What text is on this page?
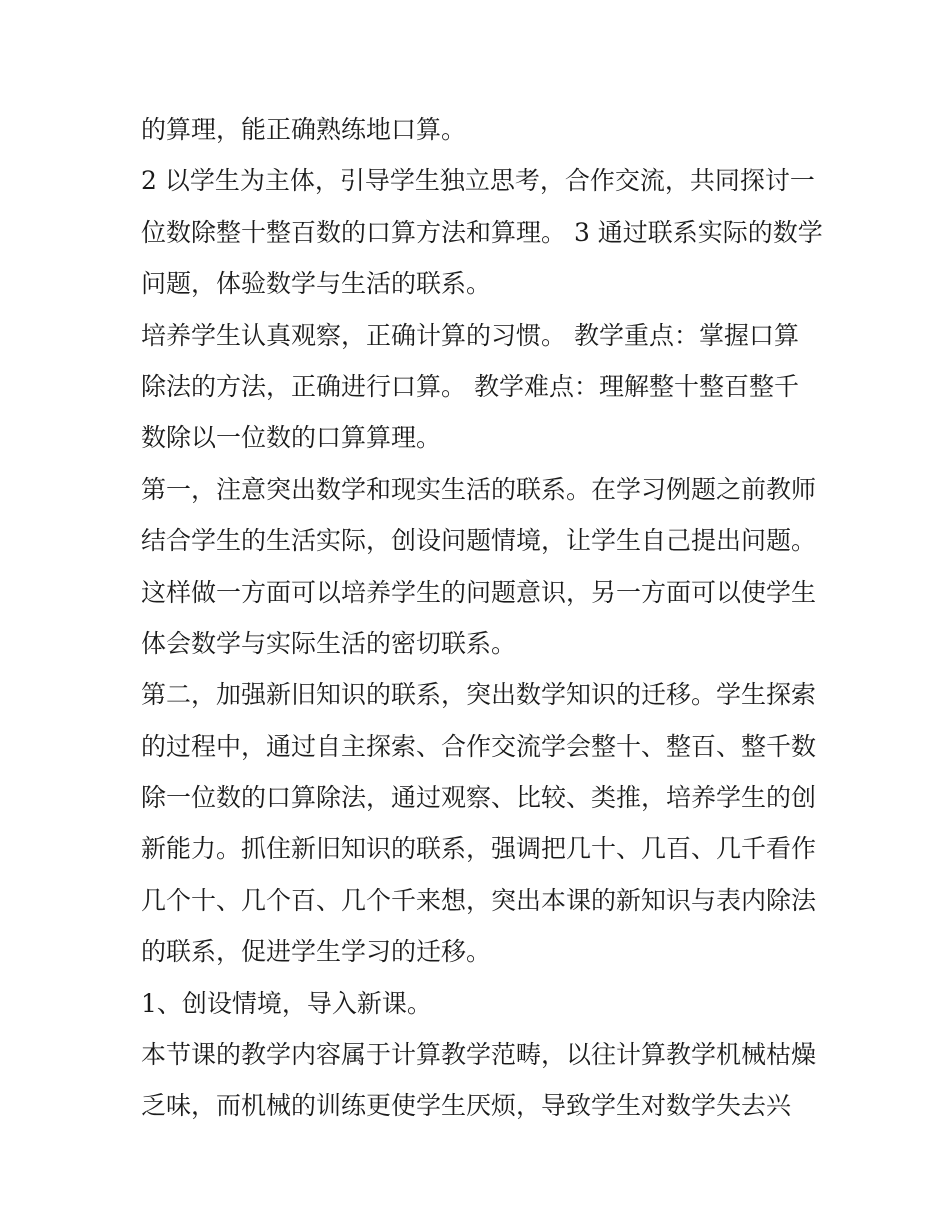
的算理，能正确熟练地口算。
2 以学生为主体，引导学生独立思考，合作交流，共同探讨一
位数除整十整百数的口算方法和算理。 3 通过联系实际的数学
问题，体验数学与生活的联系。
培养学生认真观察，正确计算的习惯。 教学重点：掌握口算
除法的方法，正确进行口算。 教学难点：理解整十整百整千
数除以一位数的口算算理。
第一，注意突出数学和现实生活的联系。在学习例题之前教师
结合学生的生活实际，创设问题情境，让学生自己提出问题。
这样做一方面可以培养学生的问题意识，另一方面可以使学生
体会数学与实际生活的密切联系。
第二，加强新旧知识的联系，突出数学知识的迁移。学生探索
的过程中，通过自主探索、合作交流学会整十、整百、整千数
除一位数的口算除法，通过观察、比较、类推，培养学生的创
新能力。抓住新旧知识的联系，强调把几十、几百、几千看作
几个十、几个百、几个千来想，突出本课的新知识与表内除法
的联系，促进学生学习的迁移。
1、创设情境，导入新课。
本节课的教学内容属于计算教学范畴，以往计算教学机械枯燥
乏味，而机械的训练更使学生厌烦，导致学生对数学失去兴
